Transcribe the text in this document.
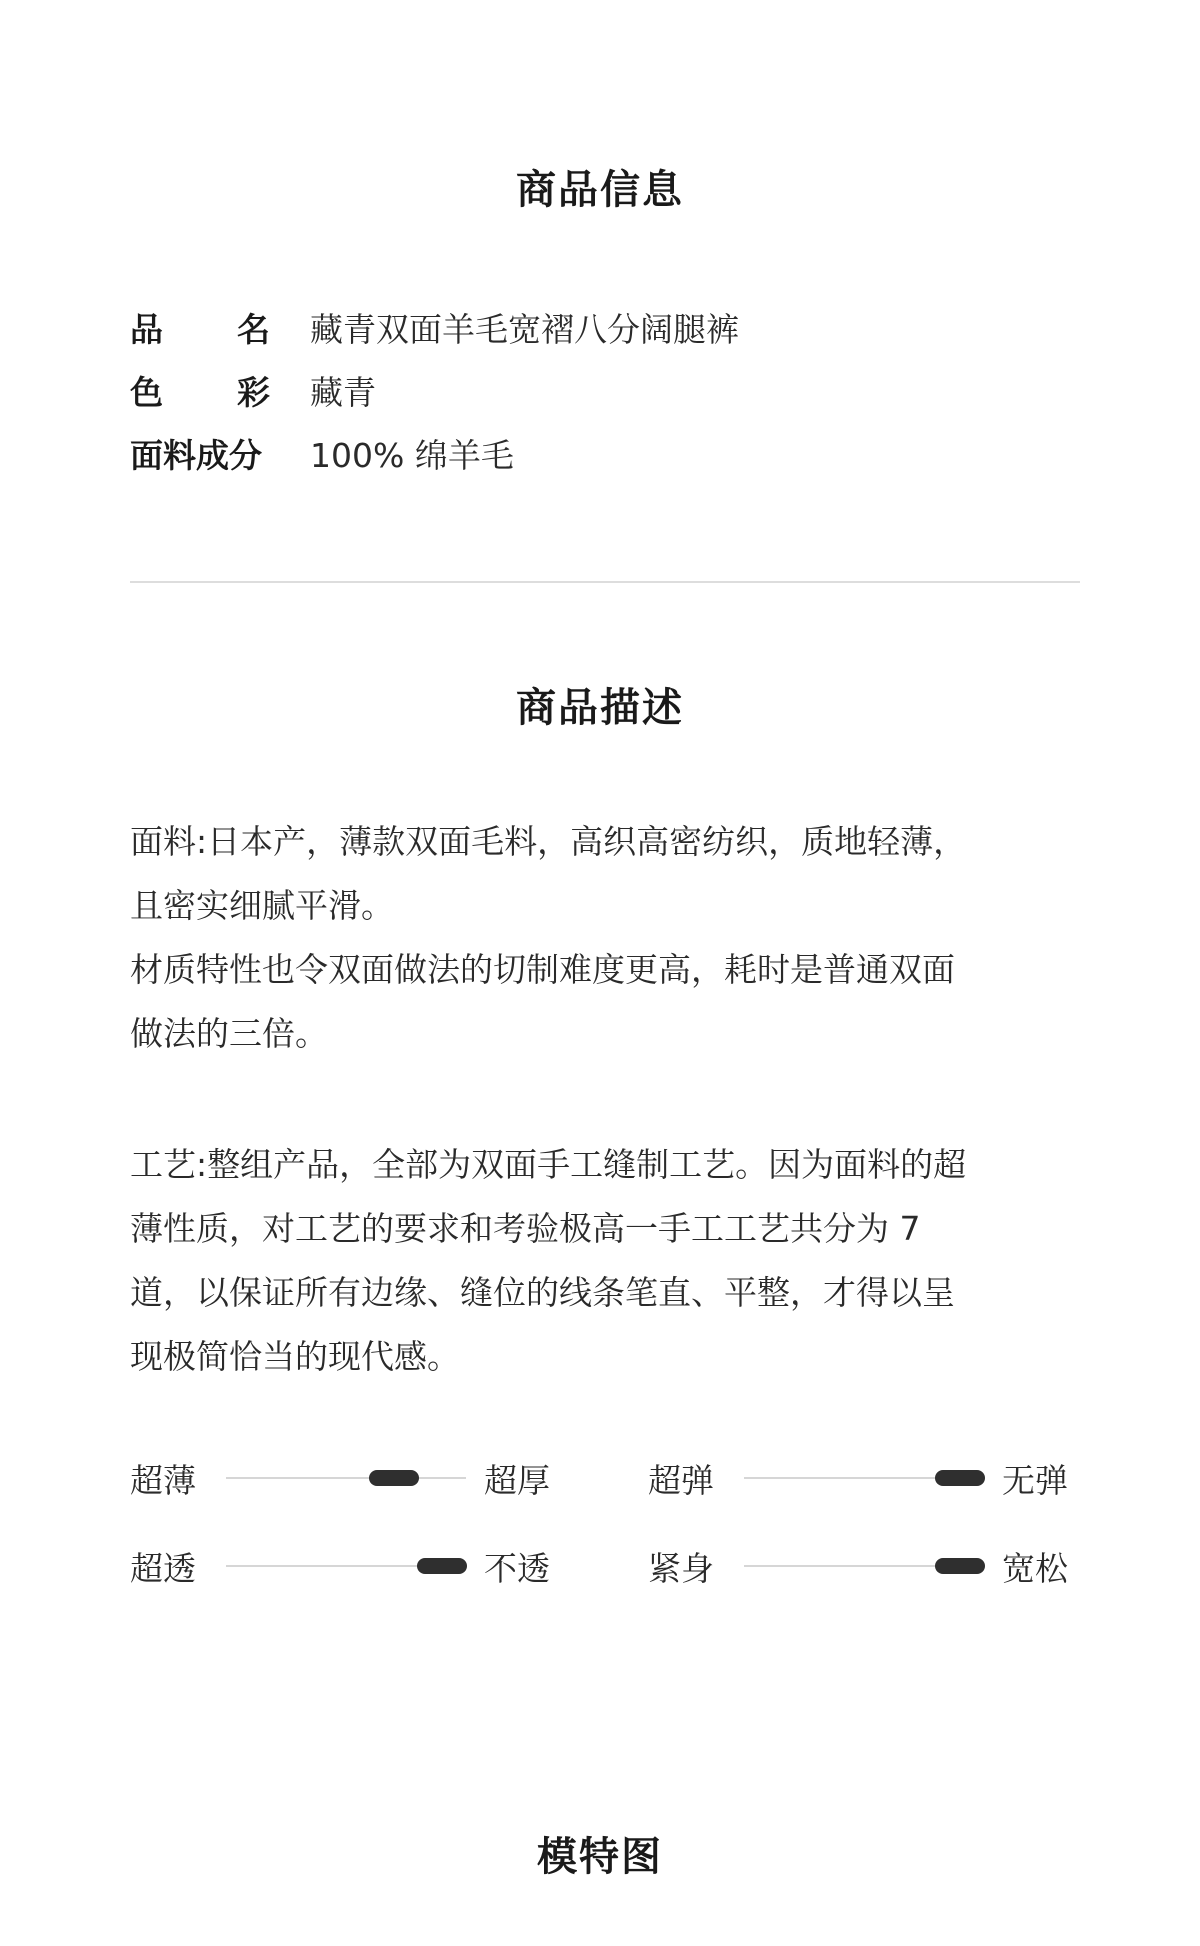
商品信息
品 名 藏青双面羊毛宽褶八分阔腿裤
色 彩 藏青
面料成分 100% 绵羊毛
商品描述
面料:日本产，薄款双面毛料，高织高密纺织，质地轻薄，
且密实细腻平滑。
材质特性也令双面做法的切制难度更高，耗时是普通双面
做法的三倍。
工艺:整组产品，全部为双面手工缝制工艺。因为面料的超
薄性质，对工艺的要求和考验极高一手工工艺共分为 7
道，以保证所有边缘、缝位的线条笔直、平整，才得以呈
现极简恰当的现代感。
超薄	超厚	超弹	无弹
超透	不透	紧身	宽松
模特图
